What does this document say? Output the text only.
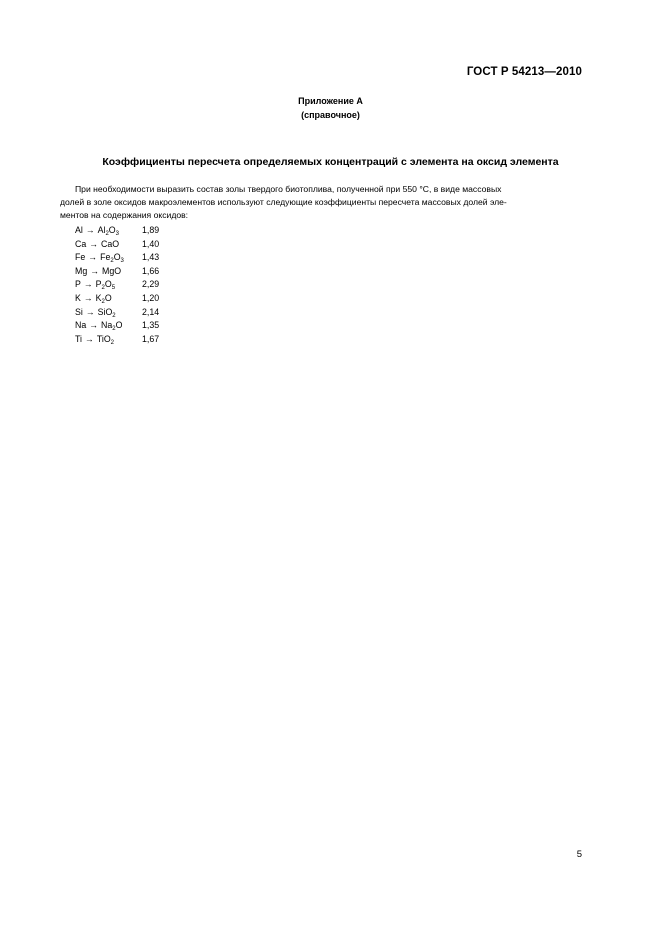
ГОСТ Р 54213—2010
Приложение А
(справочное)
Коэффициенты пересчета определяемых концентраций с элемента на оксид элемента
При необходимости выразить состав золы твердого биотоплива, полученной при 550 °С, в виде массовых
долей в золе оксидов макроэлементов используют следующие коэффициенты пересчета массовых долей эле-
ментов на содержания оксидов:
$Al \to Al_2O_3$	1,89
Ca → CaO	1,40
$Fe \to Fe_2O_3$ 1,43
Mg → MgO 1,66
$P \to P_2O_5$	2,29
$K \to K_2O$	1,20
Si → SiO$_2$	2,14
$Na \to Na_2O$ 1,35
Ti → TiO$_2$	1,67
5
